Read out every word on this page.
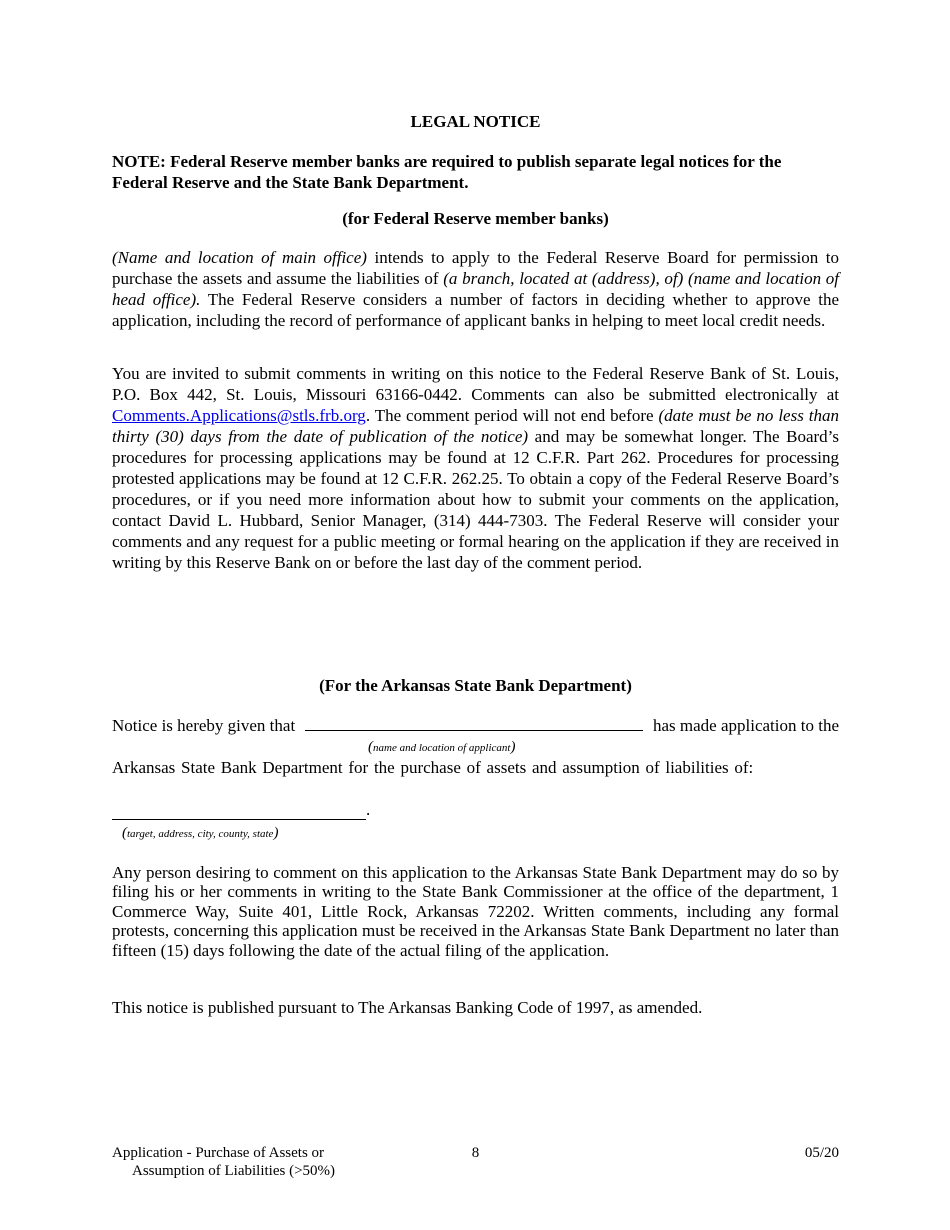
LEGAL NOTICE
NOTE: Federal Reserve member banks are required to publish separate legal notices for the Federal Reserve and the State Bank Department.
(for Federal Reserve member banks)
(Name and location of main office) intends to apply to the Federal Reserve Board for permission to purchase the assets and assume the liabilities of (a branch, located at (address), of) (name and location of head office). The Federal Reserve considers a number of factors in deciding whether to approve the application, including the record of performance of applicant banks in helping to meet local credit needs.
You are invited to submit comments in writing on this notice to the Federal Reserve Bank of St. Louis, P.O. Box 442, St. Louis, Missouri 63166-0442. Comments can also be submitted electronically at Comments.Applications@stls.frb.org. The comment period will not end before (date must be no less than thirty (30) days from the date of publication of the notice) and may be somewhat longer. The Board’s procedures for processing applications may be found at 12 C.F.R. Part 262. Procedures for processing protested applications may be found at 12 C.F.R. 262.25. To obtain a copy of the Federal Reserve Board’s procedures, or if you need more information about how to submit your comments on the application, contact David L. Hubbard, Senior Manager, (314) 444-7303. The Federal Reserve will consider your comments and any request for a public meeting or formal hearing on the application if they are received in writing by this Reserve Bank on or before the last day of the comment period.
(For the Arkansas State Bank Department)
Notice is hereby given that	has made application to the
(name and location of applicant)
Arkansas State Bank Department for the purchase of assets and assumption of liabilities of:
.
(target, address, city, county, state)
Any person desiring to comment on this application to the Arkansas State Bank Department may do so by filing his or her comments in writing to the State Bank Commissioner at the office of the department, 1 Commerce Way, Suite 401, Little Rock, Arkansas 72202. Written comments, including any formal protests, concerning this application must be received in the Arkansas State Bank Department no later than fifteen (15) days following the date of the actual filing of the application.
This notice is published pursuant to The Arkansas Banking Code of 1997, as amended.
Application - Purchase of Assets or
Assumption of Liabilities (>50%)
8	05/20
